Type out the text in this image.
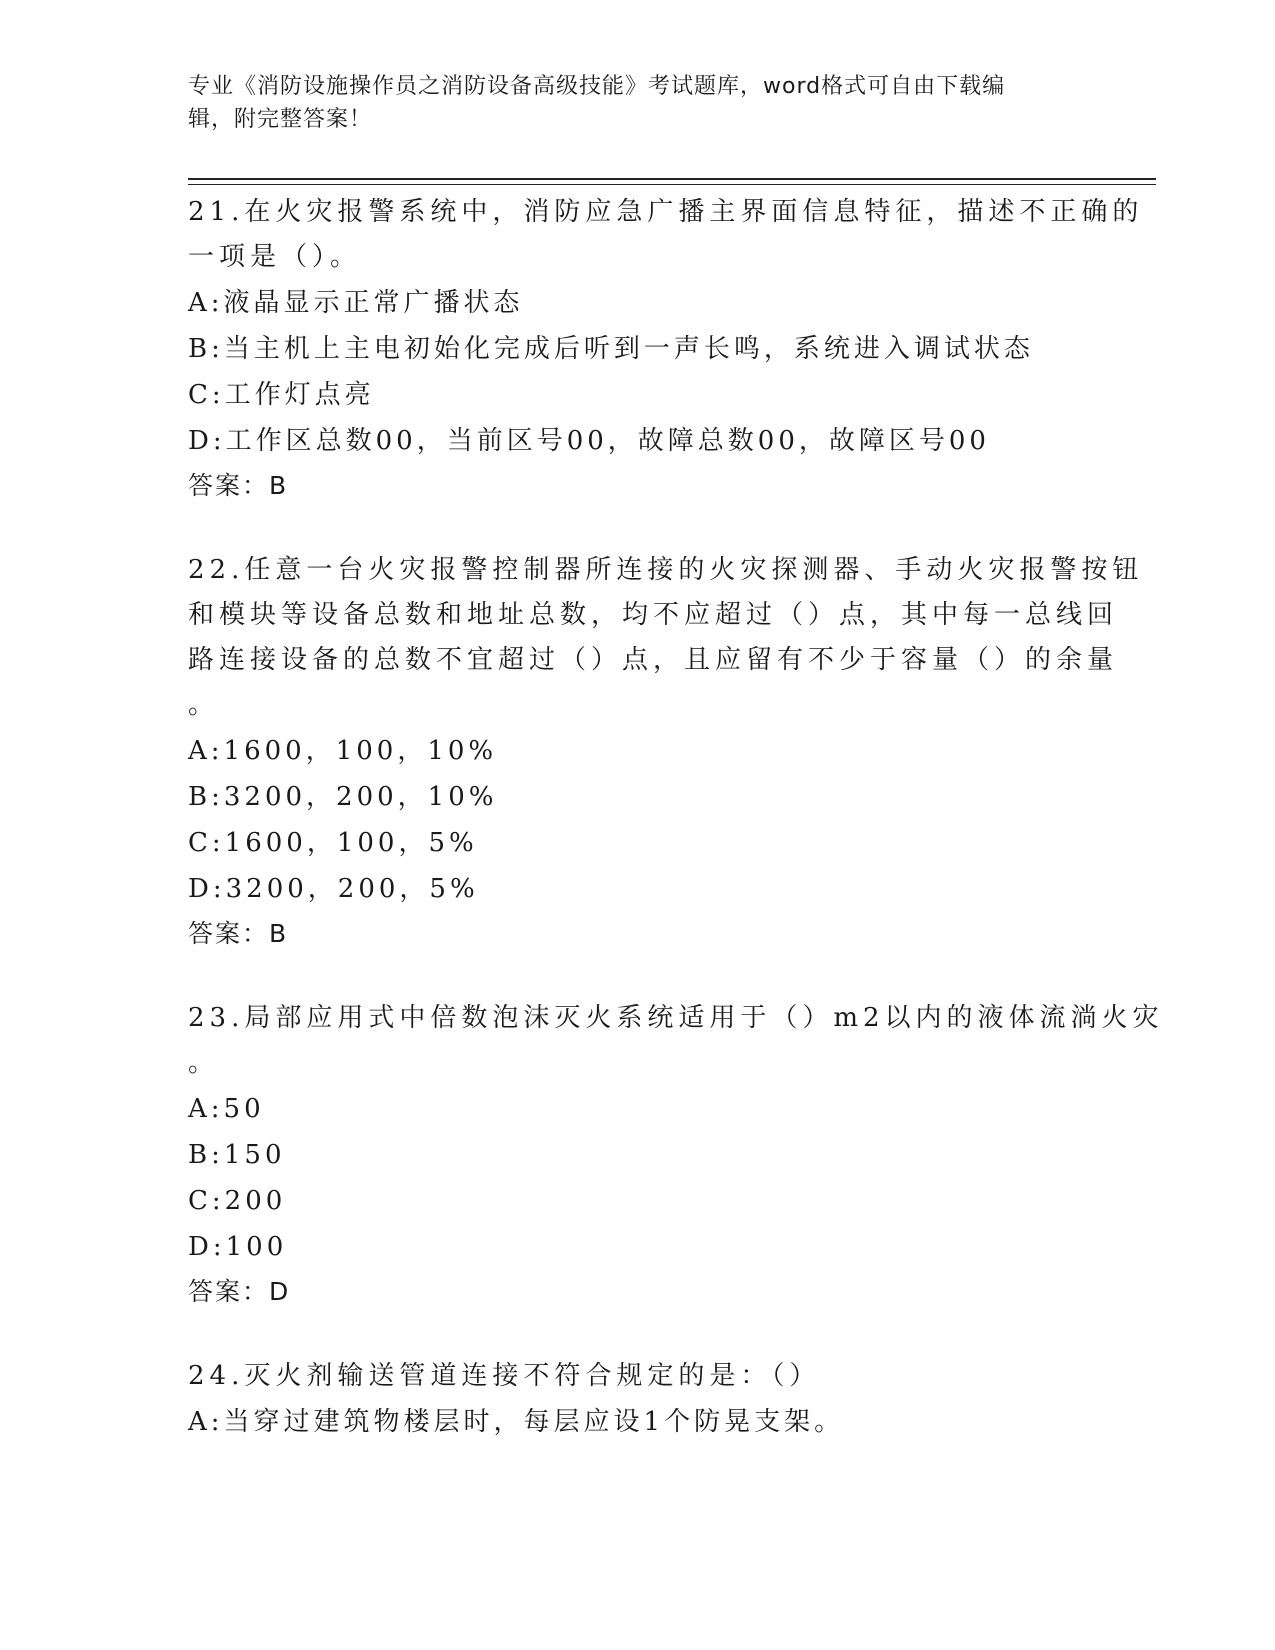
专业《消防设施操作员之消防设备高级技能》考试题库，word格式可自由下载编
辑，附完整答案！
21.在火灾报警系统中，消防应急广播主界面信息特征，描述不正确的
一项是（）。
A:液晶显示正常广播状态
B:当主机上主电初始化完成后听到一声长鸣，系统进入调试状态
C:工作灯点亮
D:工作区总数00，当前区号00，故障总数00，故障区号00
答案：B
22.任意一台火灾报警控制器所连接的火灾探测器、手动火灾报警按钮
和模块等设备总数和地址总数，均不应超过（）点，其中每一总线回
路连接设备的总数不宜超过（）点，且应留有不少于容量（）的余量
。
A:1600，100，10%
B:3200，200，10%
C:1600，100，5%
D:3200，200，5%
答案：B
23.局部应用式中倍数泡沫灭火系统适用于（）m2以内的液体流淌火灾
。
A:50
B:150
C:200
D:100
答案：D
24.灭火剂输送管道连接不符合规定的是：（）
A:当穿过建筑物楼层时，每层应设1个防晃支架。
